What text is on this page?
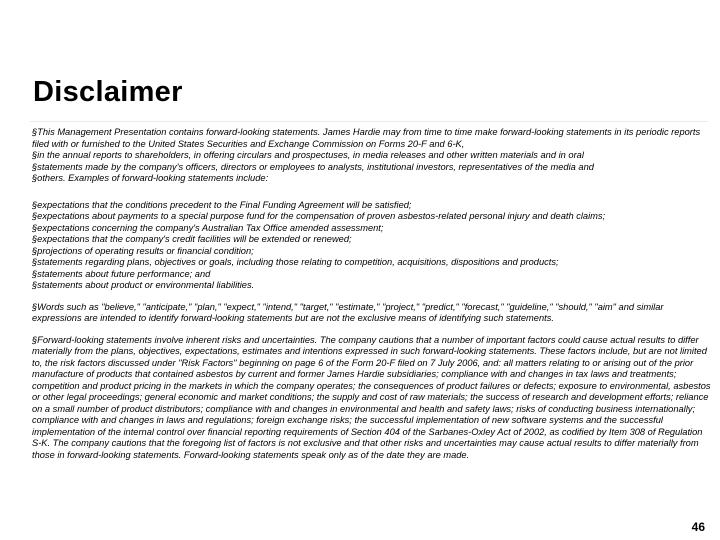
Disclaimer

§This Management Presentation contains forward-looking statements. James Hardie may from time to time make forward-looking statements in its periodic reports filed with or furnished to the United States Securities and Exchange Commission on Forms 20-F and 6-K,

§in the annual reports to shareholders, in offering circulars and prospectuses, in media releases and other written materials and in oral

§statements made by the company's officers, directors or employees to analysts, institutional investors, representatives of the media and

§others. Examples of forward-looking statements include:

§expectations that the conditions precedent to the Final Funding Agreement will be satisfied;

§expectations about payments to a special purpose fund for the compensation of proven asbestos-related personal injury and death claims;

§expectations concerning the company's Australian Tax Office amended assessment;

§expectations that the company's credit facilities will be extended or renewed;

§projections of operating results or financial condition;

§statements regarding plans, objectives or goals, including those relating to competition, acquisitions, dispositions and products;

§statements about future performance; and

§statements about product or environmental liabilities.

§Words such as "believe," "anticipate," "plan," "expect," "intend," "target," "estimate," "project," "predict," "forecast," "guideline," "should," "aim" and similar expressions are intended to identify forward-looking statements but are not the exclusive means of identifying such statements.

§Forward-looking statements involve inherent risks and uncertainties. The company cautions that a number of important factors could cause actual results to differ materially from the plans, objectives, expectations, estimates and intentions expressed in such forward-looking statements. These factors include, but are not limited to, the risk factors discussed under "Risk Factors" beginning on page 6 of the Form 20-F filed on 7 July 2006, and: all matters relating to or arising out of the prior manufacture of products that contained asbestos by current and former James Hardie subsidiaries; compliance with and changes in tax laws and treatments; competition and product pricing in the markets in which the company operates; the consequences of product failures or defects; exposure to environmental, asbestos or other legal proceedings; general economic and market conditions; the supply and cost of raw materials; the success of research and development efforts; reliance on a small number of product distributors; compliance with and changes in environmental and health and safety laws; risks of conducting business internationally; compliance with and changes in laws and regulations; foreign exchange risks; the successful implementation of new software systems and the successful implementation of the internal control over financial reporting requirements of Section 404 of the Sarbanes-Oxley Act of 2002, as codified by Item 308 of Regulation S-K. The company cautions that the foregoing list of factors is not exclusive and that other risks and uncertainties may cause actual results to differ materially from those in forward-looking statements. Forward-looking statements speak only as of the date they are made.

46
